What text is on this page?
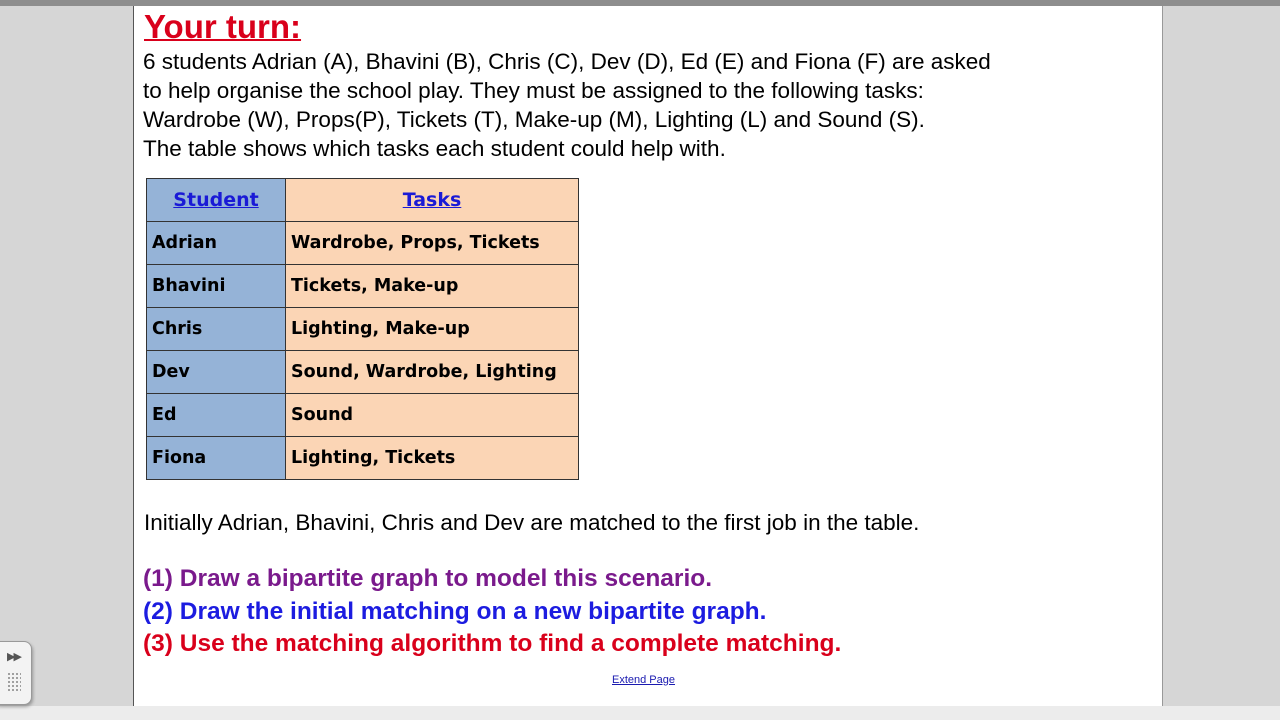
Your turn:
6 students Adrian (A), Bhavini (B), Chris (C), Dev (D), Ed (E) and Fiona (F) are asked
to help organise the school play. They must be assigned to the following tasks:
Wardrobe (W), Props(P), Tickets (T), Make-up (M), Lighting (L) and Sound (S).
The table shows which tasks each student could help with.
Student	Tasks
Adrian	Wardrobe, Props, Tickets
Bhavini	Tickets, Make-up
Chris	Lighting, Make-up
Dev	Sound, Wardrobe, Lighting
Ed	Sound
Fiona	Lighting, Tickets
Initially Adrian, Bhavini, Chris and Dev are matched to the first job in the table.
(1) Draw a bipartite graph to model this scenario.
(2) Draw the initial matching on a new bipartite graph.
(3) Use the matching algorithm to find a complete matching.
Extend Page
▶▶
